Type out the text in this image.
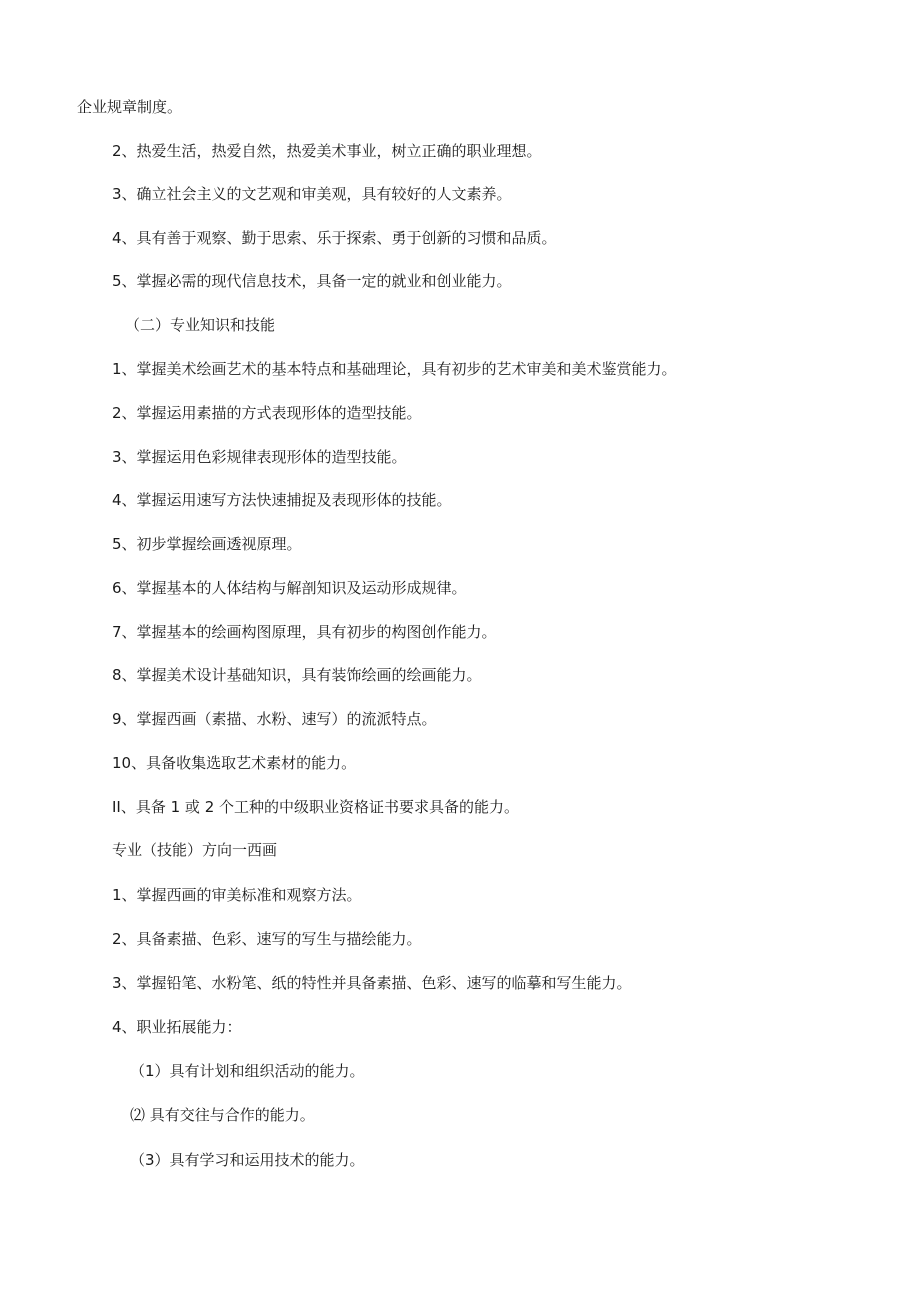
企业规章制度。
2、热爱生活，热爱自然，热爱美术事业，树立正确的职业理想。
3、确立社会主义的文艺观和审美观，具有较好的人文素养。
4、具有善于观察、勤于思索、乐于探索、勇于创新的习惯和品质。
5、掌握必需的现代信息技术，具备一定的就业和创业能力。
（二）专业知识和技能
1、掌握美术绘画艺术的基本特点和基础理论，具有初步的艺术审美和美术鉴赏能力。
2、掌握运用素描的方式表现形体的造型技能。
3、掌握运用色彩规律表现形体的造型技能。
4、掌握运用速写方法快速捕捉及表现形体的技能。
5、初步掌握绘画透视原理。
6、掌握基本的人体结构与解剖知识及运动形成规律。
7、掌握基本的绘画构图原理，具有初步的构图创作能力。
8、掌握美术设计基础知识，具有装饰绘画的绘画能力。
9、掌握西画（素描、水粉、速写）的流派特点。
10、具备收集选取艺术素材的能力。
II、具备 1 或 2 个工种的中级职业资格证书要求具备的能力。
专业（技能）方向一西画
1、掌握西画的审美标准和观察方法。
2、具备素描、色彩、速写的写生与描绘能力。
3、掌握铅笔、水粉笔、纸的特性并具备素描、色彩、速写的临摹和写生能力。
4、职业拓展能力：
（1）具有计划和组织活动的能力。
⑵ 具有交往与合作的能力。
（3）具有学习和运用技术的能力。
